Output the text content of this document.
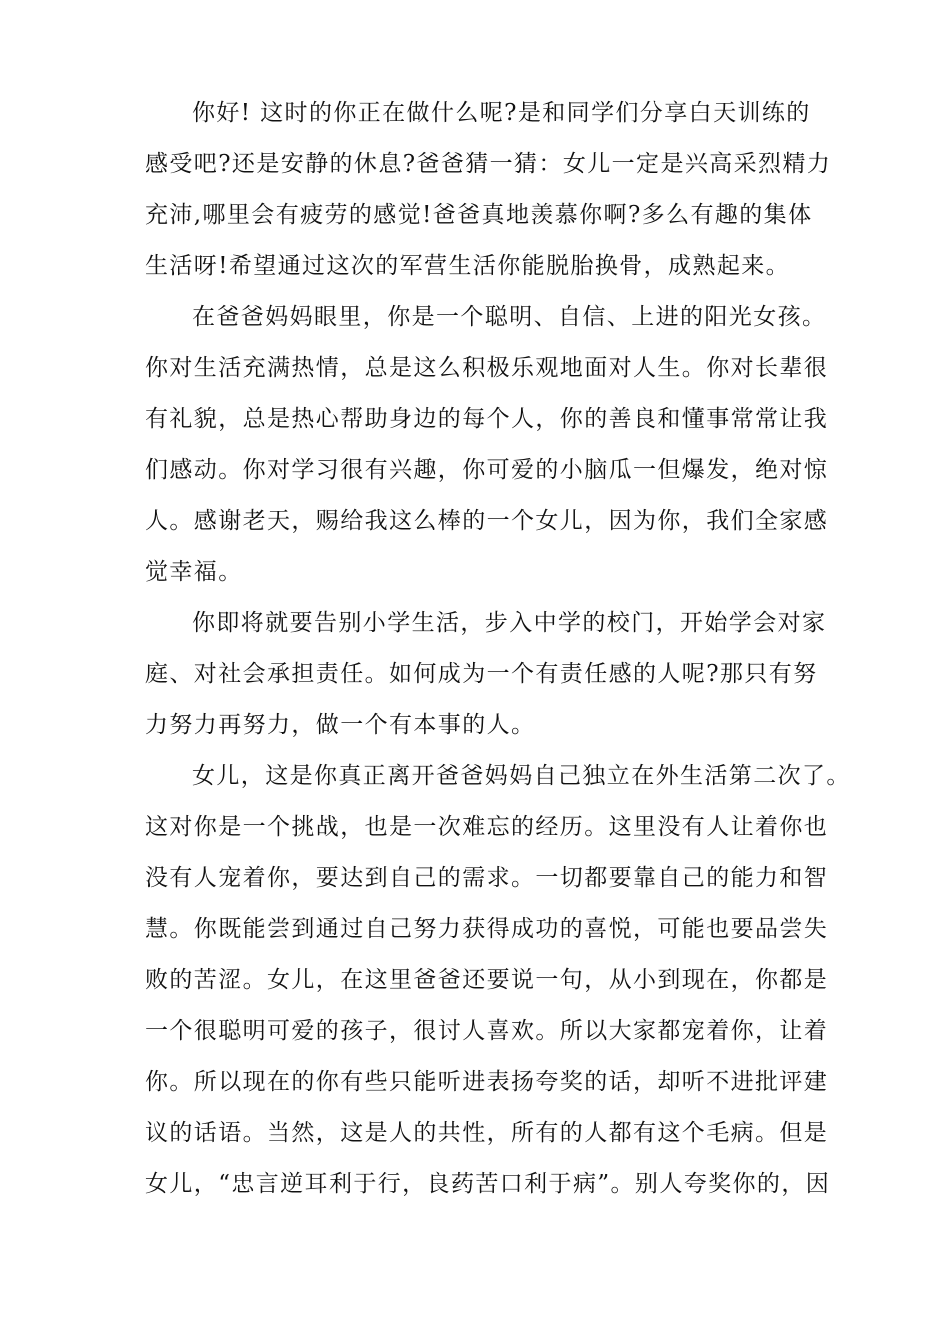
你好! 这时的你正在做什么呢?是和同学们分享白天训练的
感受吧?还是安静的休息?爸爸猜一猜：女儿一定是兴高采烈精力
充沛,哪里会有疲劳的感觉!爸爸真地羡慕你啊?多么有趣的集体
生活呀!希望通过这次的军营生活你能脱胎换骨，成熟起来。
在爸爸妈妈眼里，你是一个聪明、自信、上进的阳光女孩。
你对生活充满热情，总是这么积极乐观地面对人生。你对长辈很
有礼貌，总是热心帮助身边的每个人，你的善良和懂事常常让我
们感动。你对学习很有兴趣，你可爱的小脑瓜一但爆发，绝对惊
人。感谢老天，赐给我这么棒的一个女儿，因为你，我们全家感
觉幸福。
你即将就要告别小学生活，步入中学的校门，开始学会对家
庭、对社会承担责任。如何成为一个有责任感的人呢?那只有努
力努力再努力，做一个有本事的人。
女儿，这是你真正离开爸爸妈妈自己独立在外生活第二次了。
这对你是一个挑战，也是一次难忘的经历。这里没有人让着你也
没有人宠着你，要达到自己的需求。一切都要靠自己的能力和智
慧。你既能尝到通过自己努力获得成功的喜悦，可能也要品尝失
败的苦涩。女儿，在这里爸爸还要说一句，从小到现在，你都是
一个很聪明可爱的孩子，很讨人喜欢。所以大家都宠着你，让着
你。所以现在的你有些只能听进表扬夸奖的话，却听不进批评建
议的话语。当然，这是人的共性，所有的人都有这个毛病。但是
女儿，“忠言逆耳利于行，良药苦口利于病”。别人夸奖你的，因
